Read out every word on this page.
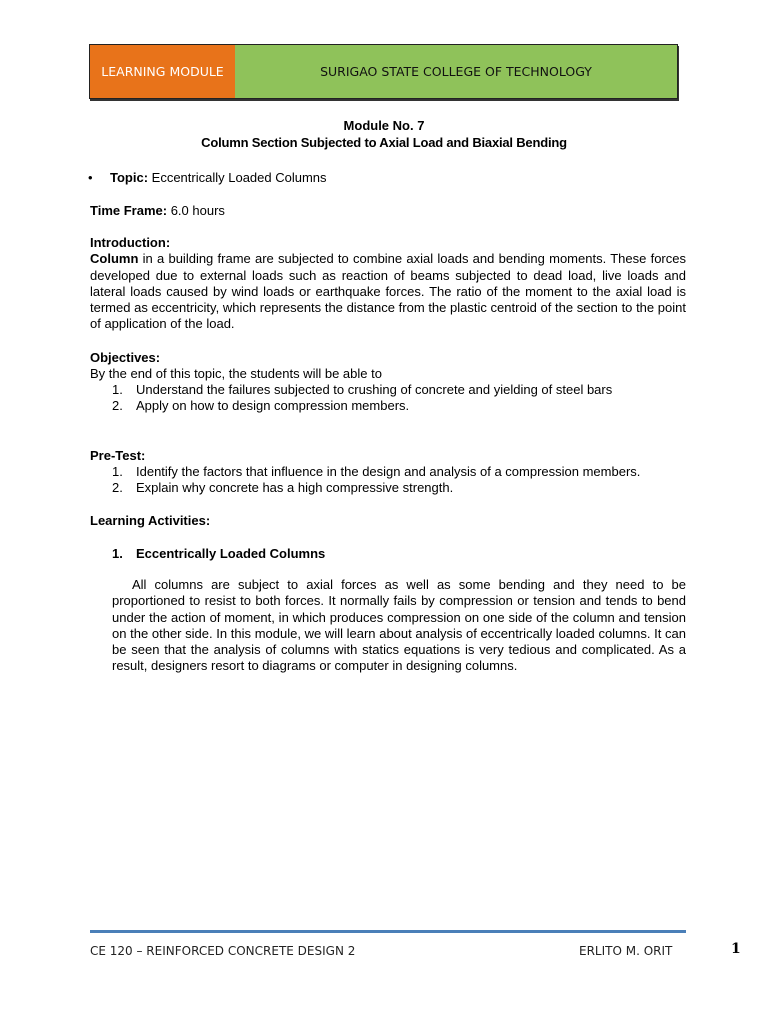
LEARNING MODULE	SURIGAO STATE COLLEGE OF TECHNOLOGY
Module No. 7
Column Section Subjected to Axial Load and Biaxial Bending
• Topic: Eccentrically Loaded Columns
Time Frame: 6.0 hours
Introduction:
Column in a building frame are subjected to combine axial loads and bending moments. These forces developed due to external loads such as reaction of beams subjected to dead load, live loads and lateral loads caused by wind loads or earthquake forces. The ratio of the moment to the axial load is termed as eccentricity, which represents the distance from the plastic centroid of the section to the point of application of the load.
Objectives:
By the end of this topic, the students will be able to
1.	Understand the failures subjected to crushing of concrete and yielding of steel bars
2.	Apply on how to design compression members.
Pre-Test:
1.	Identify the factors that influence in the design and analysis of a compression members.
2.	Explain why concrete has a high compressive strength.
Learning Activities:
1.	Eccentrically Loaded Columns
All columns are subject to axial forces as well as some bending and they need to be proportioned to resist to both forces. It normally fails by compression or tension and tends to bend under the action of moment, in which produces compression on one side of the column and tension on the other side. In this module, we will learn about analysis of eccentrically loaded columns. It can be seen that the analysis of columns with statics equations is very tedious and complicated. As a result, designers resort to diagrams or computer in designing columns.
CE 120 – REINFORCED CONCRETE DESIGN 2	ERLITO M. ORIT	1
